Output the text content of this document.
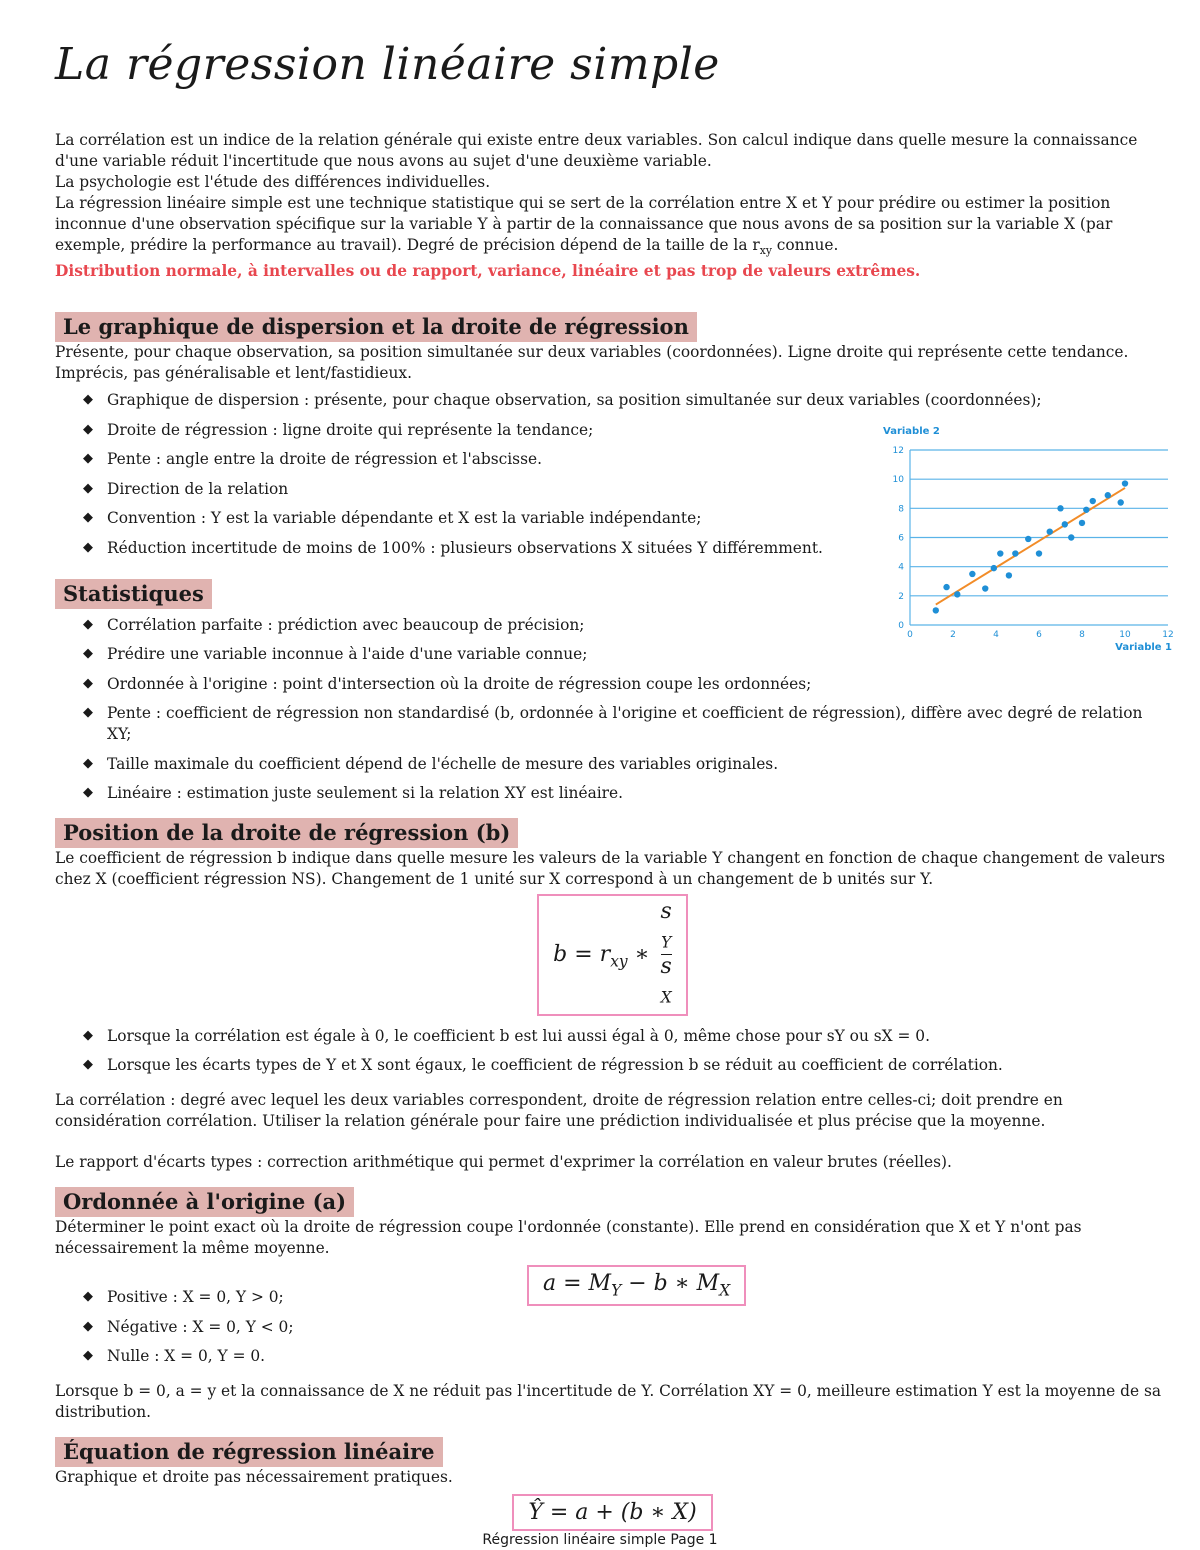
La régression linéaire simple

La corrélation est un indice de la relation générale qui existe entre deux variables. Son calcul indique dans quelle mesure la connaissance d'une variable réduit l'incertitude que nous avons au sujet d'une deuxième variable.

La psychologie est l'étude des différences individuelles.

La régression linéaire simple est une technique statistique qui se sert de la corrélation entre X et Y pour prédire ou estimer la position inconnue d'une observation spécifique sur la variable Y à partir de la connaissance que nous avons de sa position sur la variable X (par exemple, prédire la performance au travail). Degré de précision dépend de la taille de la $r_{xy}$ connue.

Distribution normale, à intervalles ou de rapport, variance, linéaire et pas trop de valeurs extrêmes.

Le graphique de dispersion et la droite de régression

Présente, pour chaque observation, sa position simultanée sur deux variables (coordonnées). Ligne droite qui représente cette tendance. Imprécis, pas généralisable et lent/fastidieux.

◆ Graphique de dispersion : présente, pour chaque observation, sa position simultanée sur deux variables (coordonnées);
◆ Droite de régression : ligne droite qui représente la tendance;
◆ Pente : angle entre la droite de régression et l'abscisse.
◆ Direction de la relation
◆ Convention : Y est la variable dépendante et X est la variable indépendante;
◆ Réduction incertitude de moins de 100% : plusieurs observations X situées Y différemment.
Statistiques
◆ Corrélation parfaite : prédiction avec beaucoup de précision;
◆ Prédire une variable inconnue à l'aide d'une variable connue;
◆ Ordonnée à l'origine : point d'intersection où la droite de régression coupe les ordonnées;
◆ Pente : coefficient de régression non standardisé (b, ordonnée à l'origine et coefficient de régression), diffère avec degré de relation XY;
◆ Taille maximale du coefficient dépend de l'échelle de mesure des variables originales.
◆ Linéaire : estimation juste seulement si la relation XY est linéaire.
Position de la droite de régression (b)

Le coefficient de régression b indique dans quelle mesure les valeurs de la variable Y changent en fonction de chaque changement de valeurs chez X (coefficient régression NS). Changement de 1 unité sur X correspond à un changement de b unités sur Y.

$b = r_{xy}$ ∗ s
$_Y$
s
$_X$
◆ Lorsque la corrélation est égale à 0, le coefficient b est lui aussi égal à 0, même chose pour sY ou sX = 0.
◆ Lorsque les écarts types de Y et X sont égaux, le coefficient de régression b se réduit au coefficient de corrélation.

La corrélation : degré avec lequel les deux variables correspondent, droite de régression relation entre celles-ci; doit prendre en considération corrélation. Utiliser la relation générale pour faire une prédiction individualisée et plus précise que la moyenne.

Le rapport d'écarts types : correction arithmétique qui permet d'exprimer la corrélation en valeur brutes (réelles).

Ordonnée à l'origine (a)

Déterminer le point exact où la droite de régression coupe l'ordonnée (constante). Elle prend en considération que X et Y n'ont pas nécessairement la même moyenne.

$a = M_Y - b$ ∗ $M_X$
◆ Positive : X = 0, Y > 0;
◆ Négative : X = 0, Y < 0;
◆ Nulle : X = 0, Y = 0.

Lorsque b = 0, a = y et la connaissance de X ne réduit pas l'incertitude de Y. Corrélation XY = 0, meilleure estimation Y est la moyenne de sa distribution.

Équation de régression linéaire

Graphique et droite pas nécessairement pratiques.

Ŷ = a + (b ∗ X)
0
2
4
6
8
10
12
0	2	4	6	8	10	12
Variable 2
Variable 1
Régression linéaire simple Page 1
